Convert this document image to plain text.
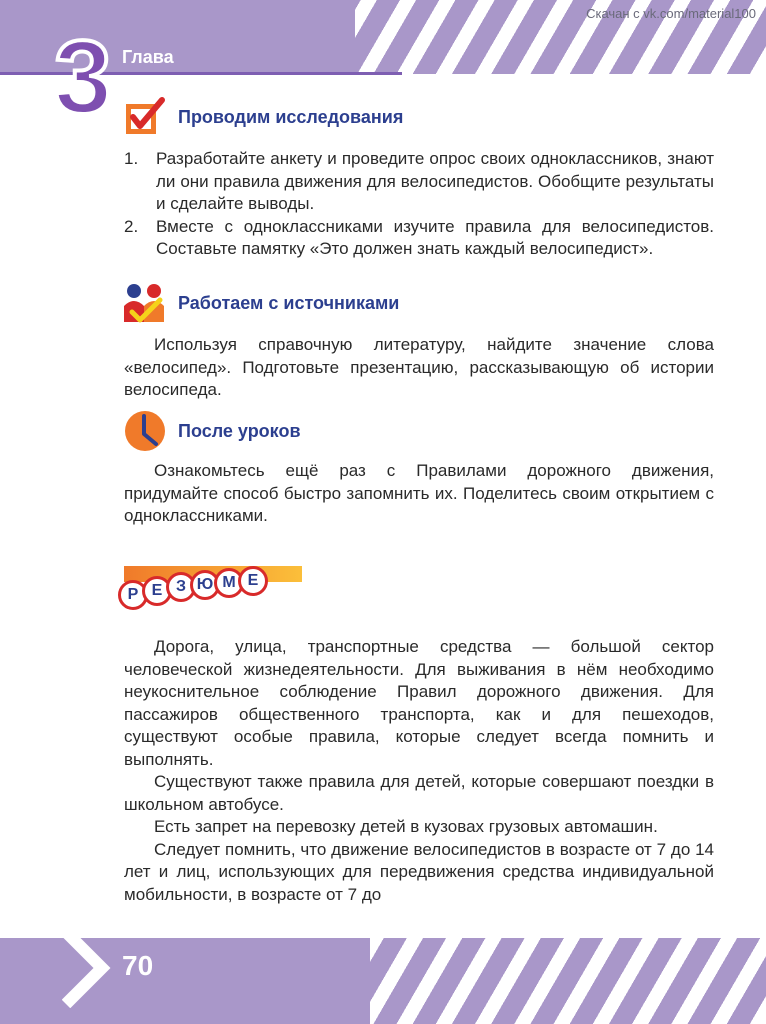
Скачан с vk.com/material100
3 Глава
Проводим исследования
1. Разработайте анкету и проведите опрос своих одноклассников, знают ли они правила движения для велосипедистов. Обобщите результаты и сделайте выводы.
2. Вместе с одноклассниками изучите правила для велосипедистов. Составьте памятку «Это должен знать каждый велосипедист».
Работаем с источниками

Используя справочную литературу, найдите значение слова «велосипед». Подготовьте презентацию, рассказывающую об истории велосипеда.

После уроков

Ознакомьтесь ещё раз с Правилами дорожного движения, придумайте способ быстро запомнить их. Поделитесь своим открытием с одноклассниками.

Р Е З Ю М Е

Дорога, улица, транспортные средства — большой сектор человеческой жизнедеятельности. Для выживания в нём необходимо неукоснительное соблюдение Правил дорожного движения. Для пассажиров общественного транспорта, как и для пешеходов, существуют особые правила, которые следует всегда помнить и выполнять.

Существуют также правила для детей, которые совершают поездки в школьном автобусе.

Есть запрет на перевозку детей в кузовах грузовых автомашин.

Следует помнить, что движение велосипедистов в возрасте от 7 до 14 лет и лиц, использующих для передвижения средства индивидуальной мобильности, в возрасте от 7 до

70
